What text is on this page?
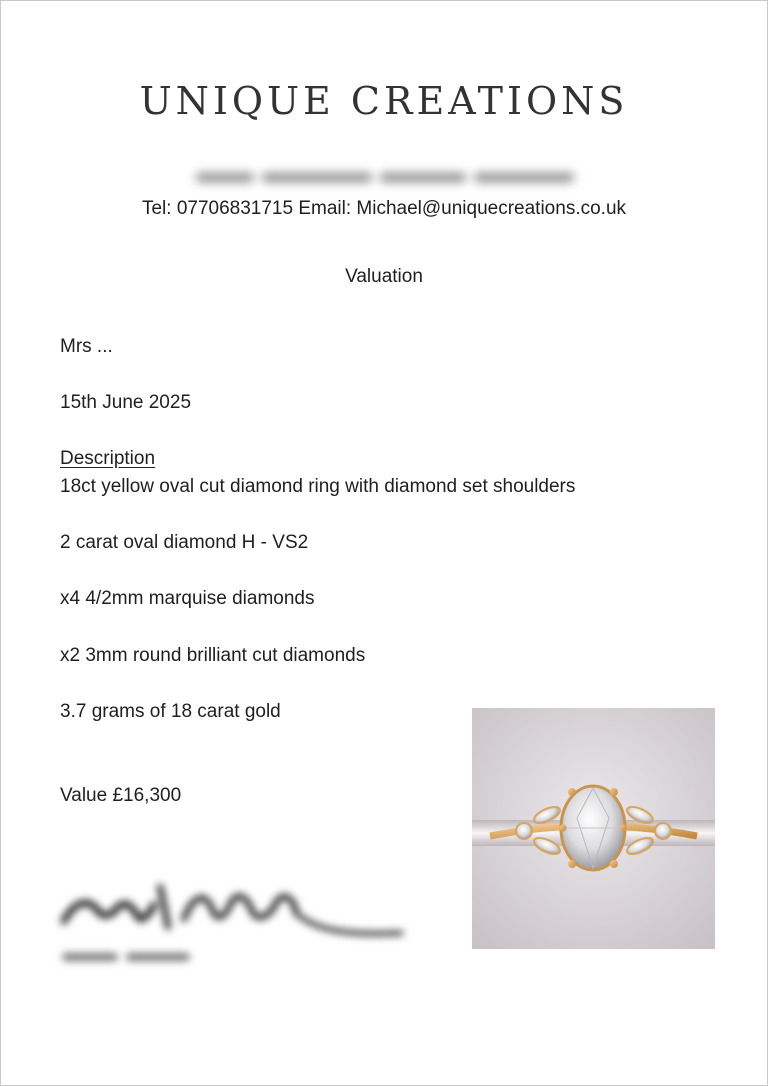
UNIQUE CREATIONS
Tel: 07706831715 Email: Michael@uniquecreations.co.uk
Valuation
Mrs ...
15th June 2025
Description
18ct yellow oval cut diamond ring with diamond set shoulders
2 carat oval diamond H - VS2
x4 4/2mm marquise diamonds
x2 3mm round brilliant cut diamonds
3.7 grams of 18 carat gold
Value £16,300
